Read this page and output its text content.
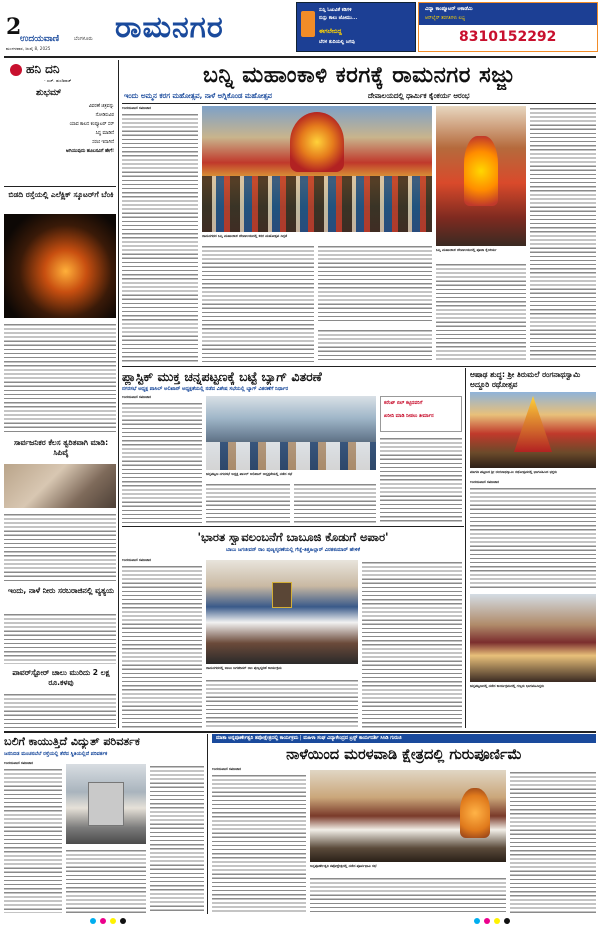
2
ಉದಯವಾಣಿ	ಬೆಂಗಳೂರು
ಮಂಗಳವಾರ, ಜುಲೈ 8, 2025
ರಾಮನಗರ	ಸುಸ್ತಿ ಓಟುವಿಕೆ ಕಡಿಗಳಿ
ನುಸ್ತು ಕಾಲು ಜೋಮು...
ಈಗಲೇಬಿದ್ದ
ಬೆರಳ ತುದಿಯಲ್ಲಿ ಜಗವು
ವಿದ್ಯಾ ಕಾಂಪ್ಯೂಟರ್ ಅಕಾಡೆಮಿ
ಆನ್‌ಲೈನ್ ತರಗತಿಗಳು ಲಭ್ಯ
8310152292
ಹನಿ ದನಿ
- ಎಚ್. ಡುಂಡಿರಾಜ್
ಶುಭಮ್
ವಿವರಣೆ ಚಿತ್ರವನ್ನು
ನೋಡಿರುವಿರ
ಯಾವ ಕಾಲದ ಕಂಪ್ಯೂಟರ್ ಸರ್
ಸಿದ್ಧ ಮಾಡಿದೆ
ಸರಣಿ ಇದಾಗಿದೆ
ಅಗಿಯುವುದು ಹೂಬನವಿಗೆ ಹೇಗೆ!
ಬಿಡದಿ ರಸ್ತೆಯಲ್ಲಿ ಎಲೆಕ್ಟ್ರಿಕ್ ಸ್ಕೂಟರ್‌ಗೆ ಬೆಂಕಿ
ಸಾರ್ವಜನಿಕರ ಕೆಲಸ ತ್ವರಿತವಾಗಿ ಮಾಡಿ: ಸಿಪಿವೈ
ಇಂದು, ನಾಳೆ ನೀರು ಸರಬರಾಜಿನಲ್ಲಿ ವ್ಯತ್ಯಯ
ಪಾವರ್‌ಸ್ಟೋರ್ ಚಾಲು ಮುರಿದು 2 ಲಕ್ಷ ರೂ.ಕಳವು
ಬನ್ನಿ ಮಹಾಂಕಾಳಿ ಕರಗಕ್ಕೆ ರಾಮನಗರ ಸಜ್ಜು
ಇಂದು ಅಮ್ಮನ ಕರಗ ಮಹೋತ್ಸವ, ನಾಳೆ ಅಗ್ನಿಕೊಂಡ ಮಹೋತ್ಸವ	ದೇವಾಲಯದಲ್ಲಿ ಧಾರ್ಮಿಕ ಕೈಂಕರ್ಯ ಆರಂಭ
ಉದಯವಾಣಿ ಸಮಾಚಾರ
ರಾಮನಗರದ ಬನ್ನಿ ಮಹಾಂಕಾಳಿ ದೇವಾಲಯದಲ್ಲಿ ಕರಗ ಮಹೋತ್ಸವ ಸಿದ್ಧತೆ
ಬನ್ನಿ ಮಹಾಂಕಾಳಿ ದೇವಾಲಯದಲ್ಲಿ ಪೂಜಾ ಕೈಂಕರ್ಯ
ಪ್ಲಾಸ್ಟಿಕ್ ಮುಕ್ತ ಚನ್ನಪಟ್ಟಣಕ್ಕೆ ಬಟ್ಟೆ ಬ್ಯಾಗ್ ವಿತರಣೆ
ನಗರಸಭೆ ಅಧ್ಯಕ್ಷ ಪಾಸಿಲ್ ಅಲಿಖಾನ್ ಅಧ್ಯಕ್ಷತೆಯಲ್ಲಿ ನಡೆದ ವಿಶೇಷ ಸಭೆಯಲ್ಲಿ ಬ್ಯಾಗ್ ವಿತರಣೆಗೆ ನಿರ್ಧಾರ
ಉದಯವಾಣಿ ಸಮಾಚಾರ
ಚನ್ನಪಟ್ಟಣ ನಗರಸಭೆ ಅಧ್ಯಕ್ಷ ಪಾಸಿಲ್ ಅಲಿಖಾನ್ ಅಧ್ಯಕ್ಷತೆಯಲ್ಲಿ ನಡೆದ ಸಭೆ
ಕರೆಂಟ್ ಬಿಲ್ ಕಟ್ಟಿದವರಿಗೆ
ಖರೀದಿ ಮಾಡಿ ನೀಡಲು ತೀರ್ಮಾನ
ಆಷಾಢ ಶುದ್ಧ: ಶ್ರೀ ತಿರುಮಲೆ ರಂಗನಾಥಸ್ವಾಮಿ ಅದ್ದೂರಿ ರಥೋತ್ಸವ
ಮಾಗಡಿ ಪಟ್ಟಣದ ಶ್ರೀ ರಂಗನಾಥಸ್ವಾಮಿ ರಥೋತ್ಸವದಲ್ಲಿ ಭಾಗವಹಿಸಿದ ಭಕ್ತರು
ಉದಯವಾಣಿ ಸಮಾಚಾರ
ಚನ್ನಪಟ್ಟಣದಲ್ಲಿ ನಡೆದ ಕಾರ್ಯಕ್ರಮದಲ್ಲಿ ಗಣ್ಯರು ಭಾಗವಹಿಸಿದ್ದರು
'ಭಾರತ ಸ್ವಾವಲಂಬನೆಗೆ ಬಾಬೂಜಿ ಕೊಡುಗೆ ಅಪಾರ'
ಬಾಬು ಜಗಜೀವನ್ ರಾಂ ಪುಣ್ಯಸ್ಮರಣೆಯಲ್ಲಿ ಗೆಜ್ಜೆ-ತಿತ್ತಹಿಲ್ಲಾರ್ ವಿರತಕುಮಾರ್ ಹೇಳಿಕೆ
ಉದಯವಾಣಿ ಸಮಾಚಾರ
ರಾಮನಗರದಲ್ಲಿ ಬಾಬು ಜಗಜೀವನ್ ರಾಂ ಪುಣ್ಯಸ್ಮರಣೆ ಕಾರ್ಯಕ್ರಮ
ಬಲಿಗೆ ಕಾಯುತ್ತಿದೆ ವಿದ್ಯುತ್ ಪರಿವರ್ತಕ
ಜನನಿಬಿಡ ಮಂಚನಬೆಲೆ ರಸ್ತೆಯಲ್ಲಿ ತೆರೆದ ಸ್ಥಿತಿಯಲ್ಲಿದೆ ಪರಿವರ್ತಕ
ಉದಯವಾಣಿ ಸಮಾಚಾರ
ಮಾತಾ ಅನ್ನಪೂರ್ಣೇಶ್ವರಿ ತಪೋಕ್ಷೇತ್ರದಲ್ಲಿ ಕಾರ್ಯಕ್ರಮ | ಮಹಿಳಾ ಸಂಘ ವಿದ್ಯಾಕೇಂದ್ರದ ಟ್ರಸ್ಟ್ ಕಾರ್ಯದರ್ಶಿ ಸಿಸಿಡಿ ಗುರುಜಿ
ನಾಳೆಯಿಂದ ಮರಳವಾಡಿ ಕ್ಷೇತ್ರದಲ್ಲಿ ಗುರುಪೂರ್ಣಿಮೆ
ಉದಯವಾಣಿ ಸಮಾಚಾರ
ಅನ್ನಪೂರ್ಣೇಶ್ವರಿ ತಪೋಕ್ಷೇತ್ರದಲ್ಲಿ ನಡೆದ ಪೂರ್ವಭಾವಿ ಸಭೆ
